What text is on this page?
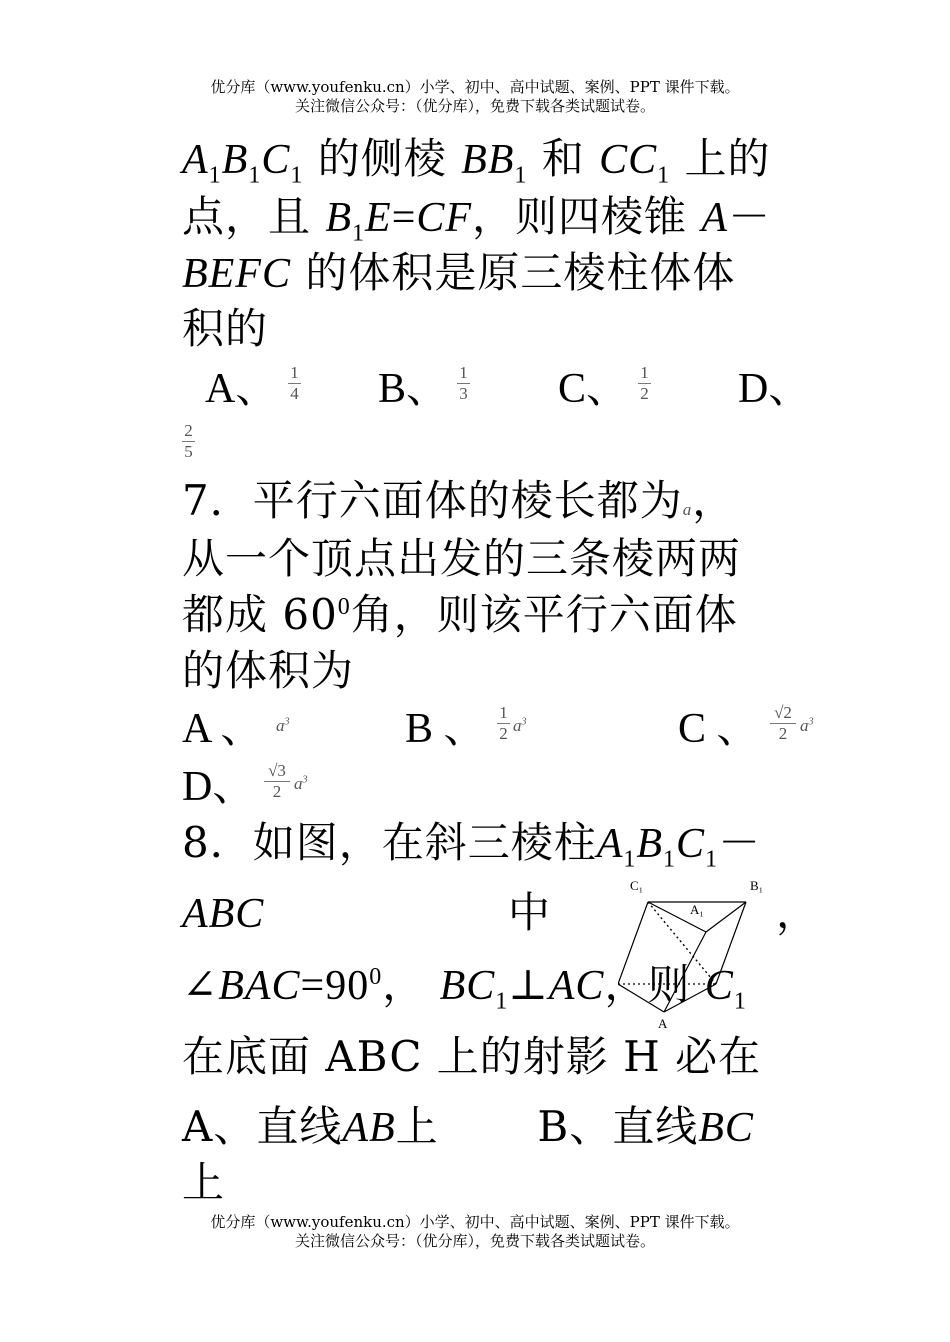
优分库（www.youfenku.cn）小学、初中、高中试题、案例、PPT 课件下载。
关注微信公众号：（优分库），免费下载各类试题试卷。
$A_1B_1C_1$ 的侧棱 $BB_1$ 和 $CC_1$ 上的
点，且 $B_1E=CF$，则四棱锥 A－
BEFC 的体积是原三棱柱体体
积的
A、 1
4 B、 1
3 C、 1
2 D、
2
5
7．平行六面体的棱长都为a，
从一个顶点出发的三条棱两两
都成 $60^0$角，则该平行六面体
的体积为
A 、 $a^3$	B 、 1
2 $a^3$	C 、 √2
2 $a^3$
D、 √3
2 $a^3$
8．如图，在斜三棱柱$A_1B_1C_1-$
ABC	中	，
$\angle BAC=90^0$， $BC_1\perp AC$，则 $C_1$
在底面 ABC 上的射影 H 必在
A、直线AB上 B、直线BC
上
C₁	B₁
A₁
A
优分库（www.youfenku.cn）小学、初中、高中试题、案例、PPT 课件下载。
关注微信公众号：（优分库），免费下载各类试题试卷。
